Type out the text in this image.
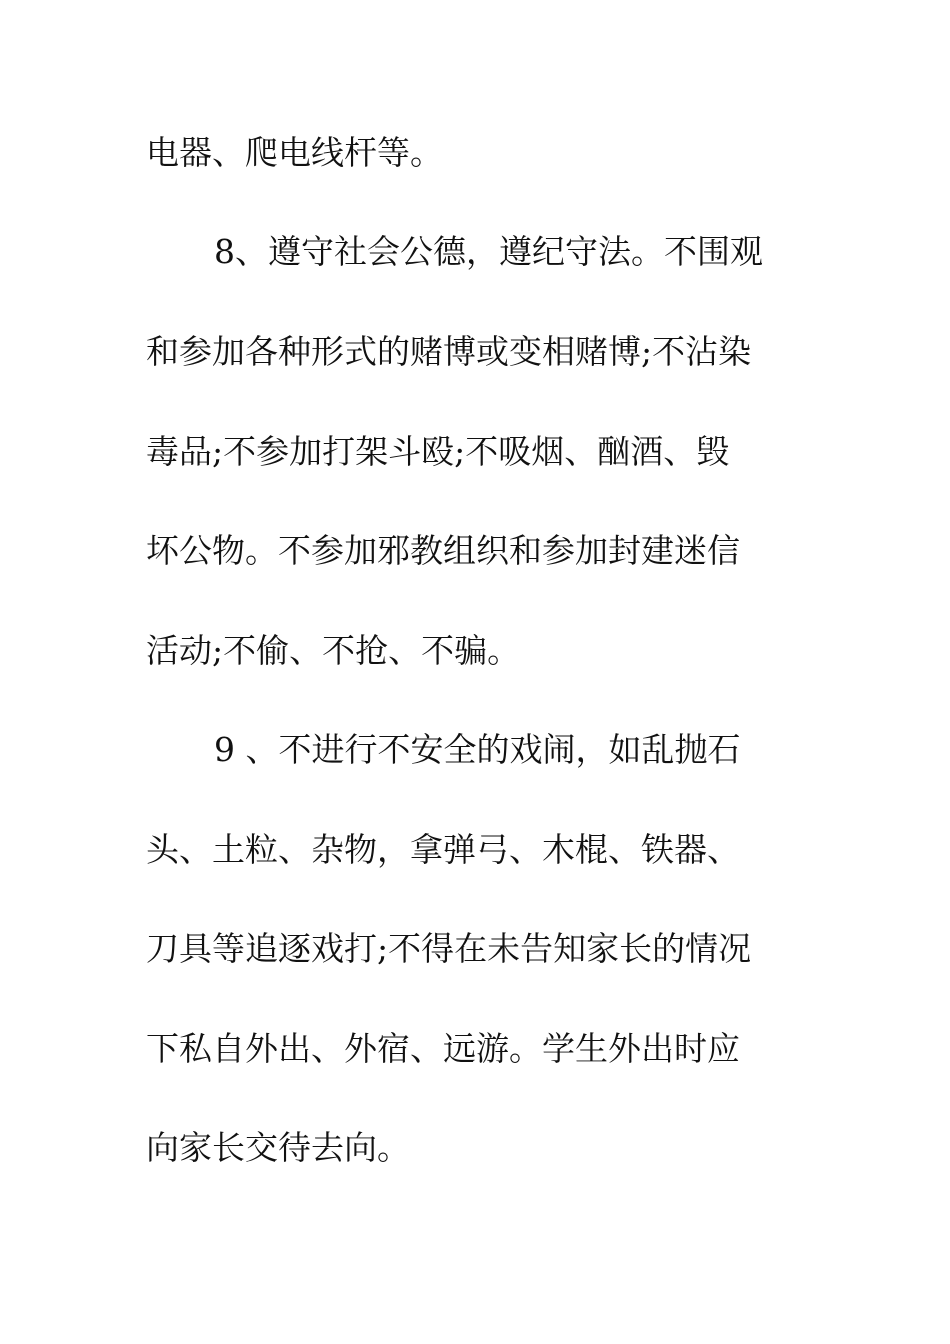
电器、爬电线杆等。
8、遵守社会公德，遵纪守法。不围观
和参加各种形式的赌博或变相赌博;不沾染
毒品;不参加打架斗殴;不吸烟、酗酒、毁
坏公物。不参加邪教组织和参加封建迷信
活动;不偷、不抢、不骗。
9 、不进行不安全的戏闹，如乱抛石
头、土粒、杂物，拿弹弓、木棍、铁器、
刀具等追逐戏打;不得在未告知家长的情况
下私自外出、外宿、远游。学生外出时应
向家长交待去向。
